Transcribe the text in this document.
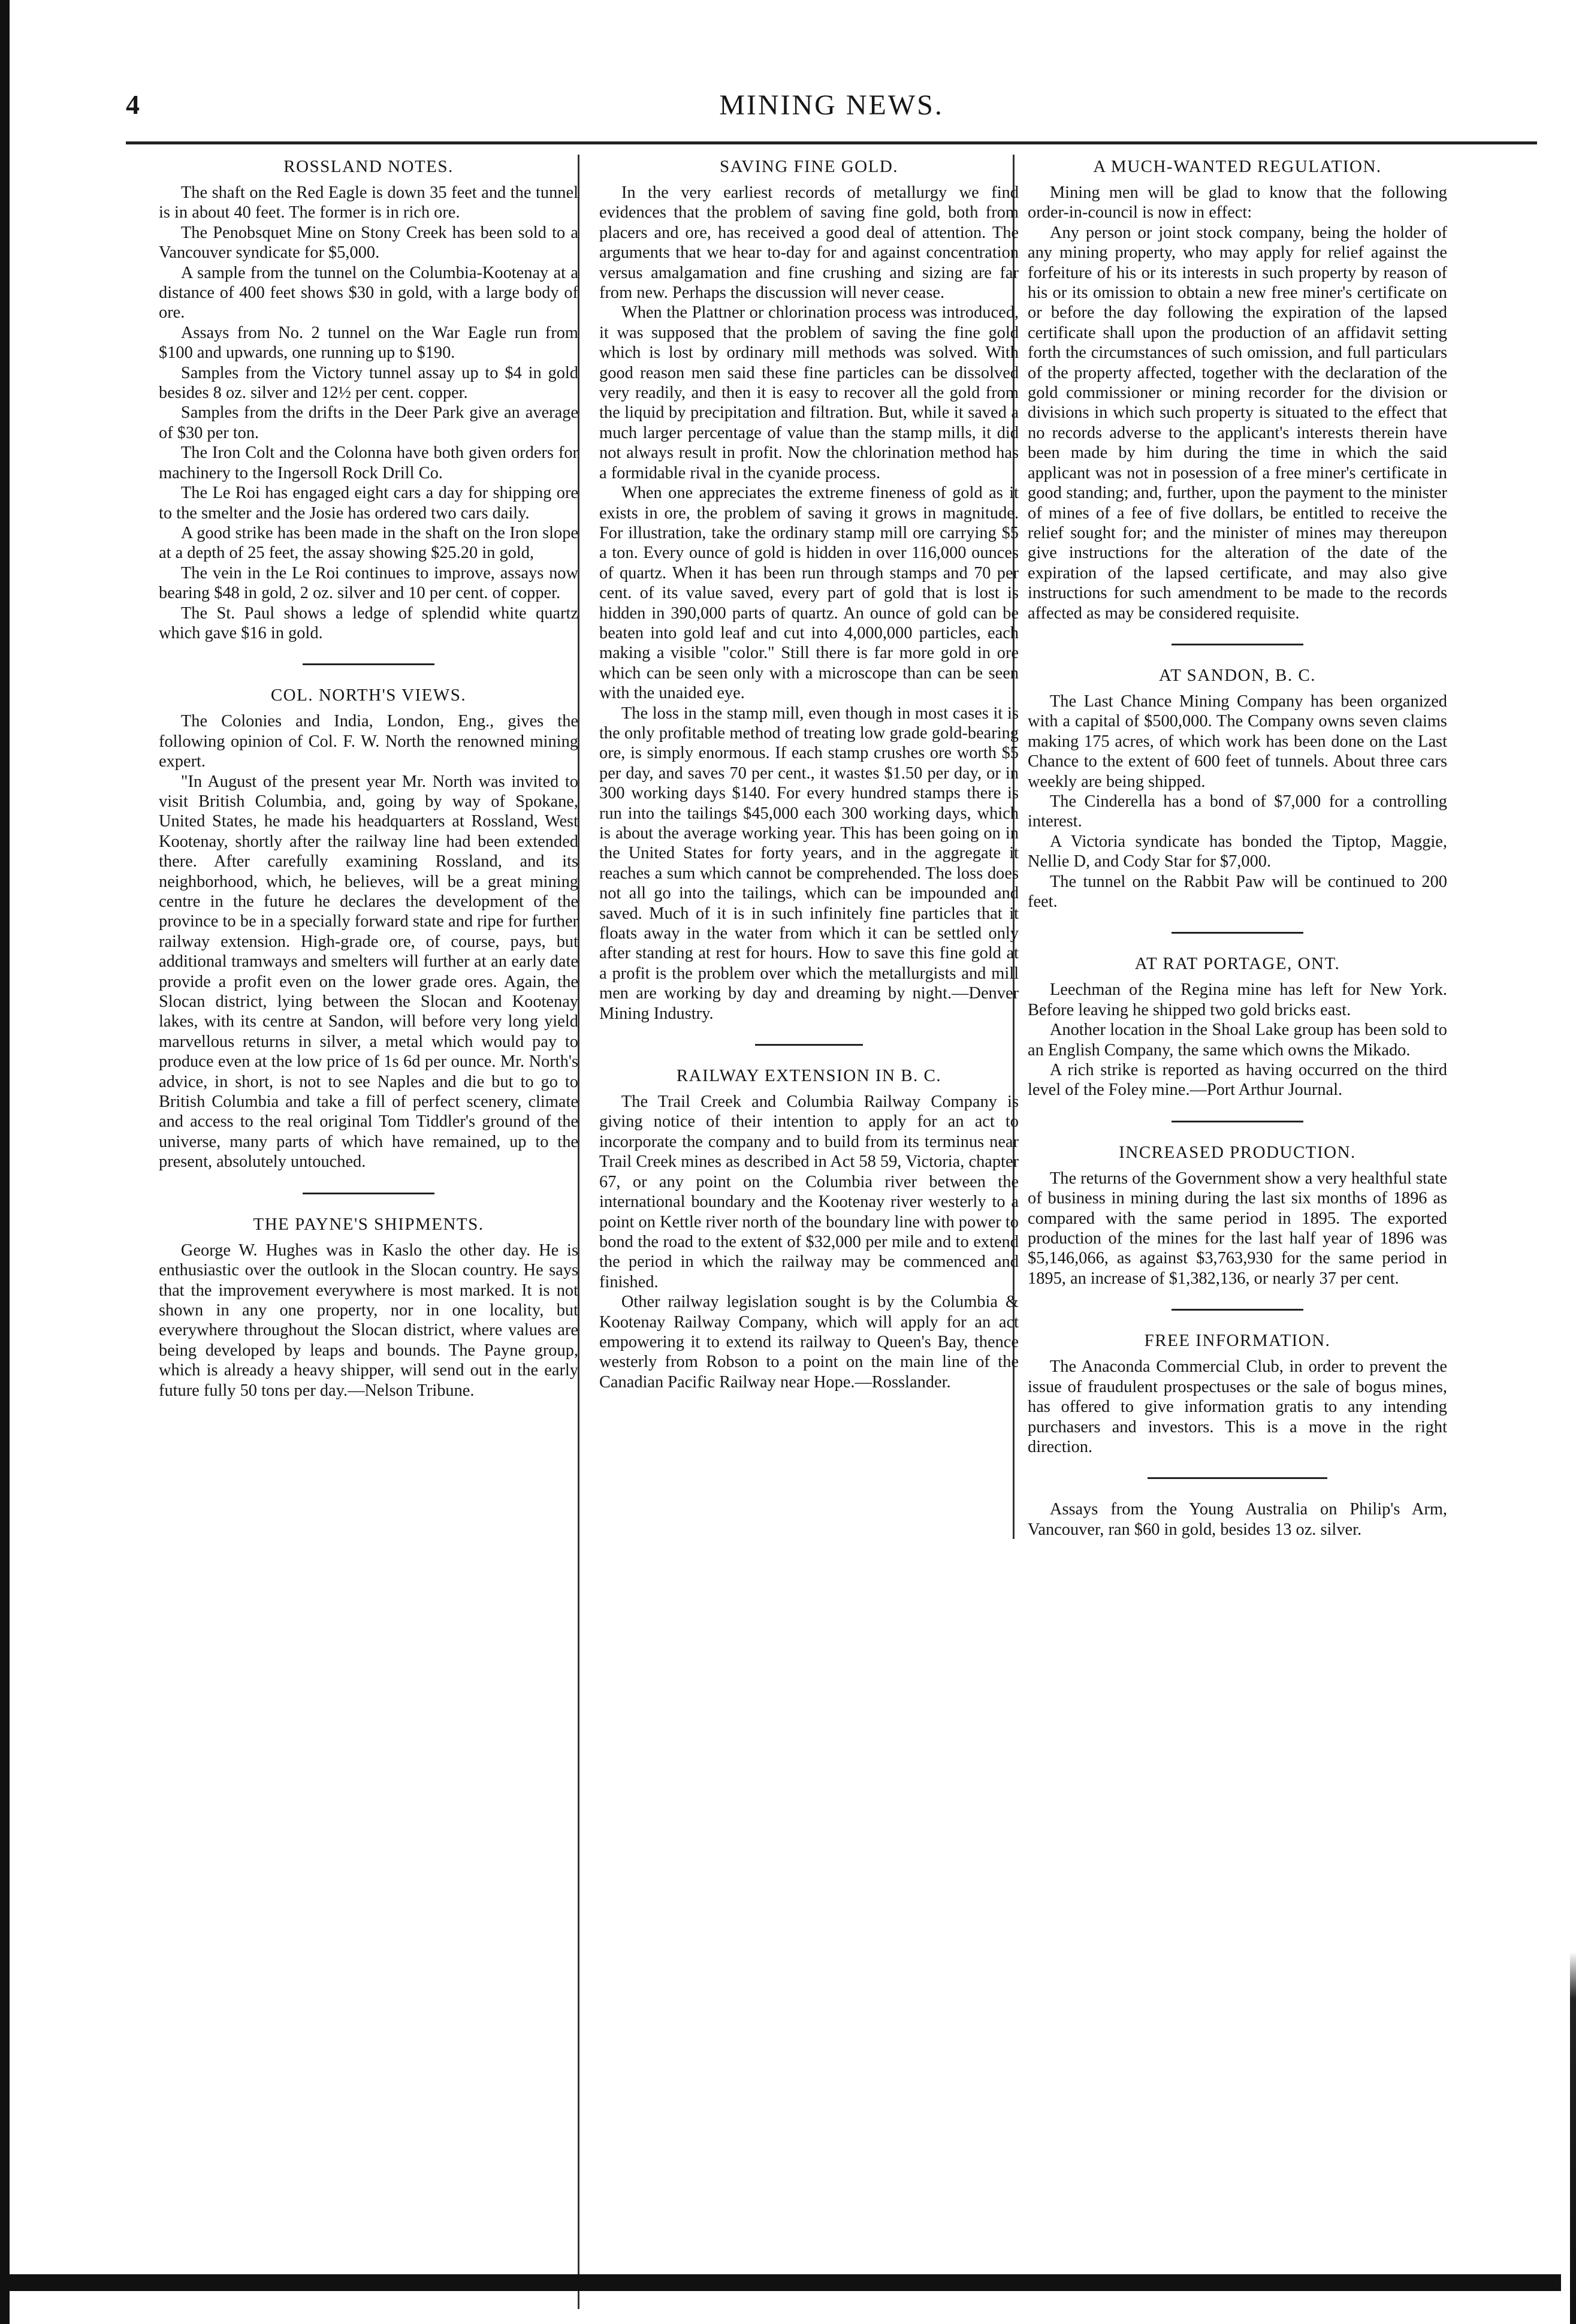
4	MINING NEWS.
ROSSLAND NOTES.

The shaft on the Red Eagle is down 35 feet and the tunnel is in about 40 feet. The former is in rich ore.

The Penobsquet Mine on Stony Creek has been sold to a Vancouver syndicate for $5,000.

A sample from the tunnel on the Columbia-Kootenay at a distance of 400 feet shows $30 in gold, with a large body of ore.

Assays from No. 2 tunnel on the War Eagle run from $100 and upwards, one running up to $190.

Samples from the Victory tunnel assay up to $4 in gold besides 8 oz. silver and 12½ per cent. copper.

Samples from the drifts in the Deer Park give an average of $30 per ton.

The Iron Colt and the Colonna have both given orders for machinery to the Ingersoll Rock Drill Co.

The Le Roi has engaged eight cars a day for shipping ore to the smelter and the Josie has ordered two cars daily.

A good strike has been made in the shaft on the Iron slope at a depth of 25 feet, the assay showing $25.20 in gold,

The vein in the Le Roi continues to improve, assays now bearing $48 in gold, 2 oz. silver and 10 per cent. of copper.

The St. Paul shows a ledge of splendid white quartz which gave $16 in gold.

COL. NORTH'S VIEWS.

The Colonies and India, London, Eng., gives the following opinion of Col. F. W. North the renowned mining expert.

"In August of the present year Mr. North was invited to visit British Columbia, and, going by way of Spokane, United States, he made his headquarters at Rossland, West Kootenay, shortly after the railway line had been extended there. After carefully examining Rossland, and its neighborhood, which, he believes, will be a great mining centre in the future he declares the development of the province to be in a specially forward state and ripe for further railway extension. High-grade ore, of course, pays, but additional tramways and smelters will further at an early date provide a profit even on the lower grade ores. Again, the Slocan district, lying between the Slocan and Kootenay lakes, with its centre at Sandon, will before very long yield marvellous returns in silver, a metal which would pay to produce even at the low price of 1s 6d per ounce. Mr. North's advice, in short, is not to see Naples and die but to go to British Columbia and take a fill of perfect scenery, climate and access to the real original Tom Tiddler's ground of the universe, many parts of which have remained, up to the present, absolutely untouched.

THE PAYNE'S SHIPMENTS.

George W. Hughes was in Kaslo the other day. He is enthusiastic over the outlook in the Slocan country. He says that the improvement everywhere is most marked. It is not shown in any one property, nor in one locality, but everywhere throughout the Slocan district, where values are being developed by leaps and bounds. The Payne group, which is already a heavy shipper, will send out in the early future fully 50 tons per day.—Nelson Tribune.

SAVING FINE GOLD.

In the very earliest records of metallurgy we find evidences that the problem of saving fine gold, both from placers and ore, has received a good deal of attention. The arguments that we hear to-day for and against concentration versus amalgamation and fine crushing and sizing are far from new. Perhaps the discussion will never cease.

When the Plattner or chlorination process was introduced, it was supposed that the problem of saving the fine gold which is lost by ordinary mill methods was solved. With good reason men said these fine particles can be dissolved very readily, and then it is easy to recover all the gold from the liquid by precipitation and filtration. But, while it saved a much larger percentage of value than the stamp mills, it did not always result in profit. Now the chlorination method has a formidable rival in the cyanide process.

When one appreciates the extreme fineness of gold as it exists in ore, the problem of saving it grows in magnitude. For illustration, take the ordinary stamp mill ore carrying $5 a ton. Every ounce of gold is hidden in over 116,000 ounces of quartz. When it has been run through stamps and 70 per cent. of its value saved, every part of gold that is lost is hidden in 390,000 parts of quartz. An ounce of gold can be beaten into gold leaf and cut into 4,000,000 particles, each making a visible "color." Still there is far more gold in ore which can be seen only with a microscope than can be seen with the unaided eye.

The loss in the stamp mill, even though in most cases it is the only profitable method of treating low grade gold-bearing ore, is simply enormous. If each stamp crushes ore worth $5 per day, and saves 70 per cent., it wastes $1.50 per day, or in 300 working days $140. For every hundred stamps there is run into the tailings $45,000 each 300 working days, which is about the average working year. This has been going on in the United States for forty years, and in the aggregate it reaches a sum which cannot be comprehended. The loss does not all go into the tailings, which can be impounded and saved. Much of it is in such infinitely fine particles that it floats away in the water from which it can be settled only after standing at rest for hours. How to save this fine gold at a profit is the problem over which the metallurgists and mill men are working by day and dreaming by night.—Denver Mining Industry.

RAILWAY EXTENSION IN B. C.

The Trail Creek and Columbia Railway Company is giving notice of their intention to apply for an act to incorporate the company and to build from its terminus near Trail Creek mines as described in Act 58 59, Victoria, chapter 67, or any point on the Columbia river between the international boundary and the Kootenay river westerly to a point on Kettle river north of the boundary line with power to bond the road to the extent of $32,000 per mile and to extend the period in which the railway may be commenced and finished.

Other railway legislation sought is by the Columbia & Kootenay Railway Company, which will apply for an act empowering it to extend its railway to Queen's Bay, thence westerly from Robson to a point on the main line of the Canadian Pacific Railway near Hope.—Rosslander.

A MUCH-WANTED REGULATION.

Mining men will be glad to know that the following order-in-council is now in effect:

Any person or joint stock company, being the holder of any mining property, who may apply for relief against the forfeiture of his or its interests in such property by reason of his or its omission to obtain a new free miner's certificate on or before the day following the expiration of the lapsed certificate shall upon the production of an affidavit setting forth the circumstances of such omission, and full particulars of the property affected, together with the declaration of the gold commissioner or mining recorder for the division or divisions in which such property is situated to the effect that no records adverse to the applicant's interests therein have been made by him during the time in which the said applicant was not in posession of a free miner's certificate in good standing; and, further, upon the payment to the minister of mines of a fee of five dollars, be entitled to receive the relief sought for; and the minister of mines may thereupon give instructions for the alteration of the date of the expiration of the lapsed certificate, and may also give instructions for such amendment to be made to the records affected as may be considered requisite.

AT SANDON, B. C.

The Last Chance Mining Company has been organized with a capital of $500,000. The Company owns seven claims making 175 acres, of which work has been done on the Last Chance to the extent of 600 feet of tunnels. About three cars weekly are being shipped.

The Cinderella has a bond of $7,000 for a controlling interest.

A Victoria syndicate has bonded the Tiptop, Maggie, Nellie D, and Cody Star for $7,000.

The tunnel on the Rabbit Paw will be continued to 200 feet.

AT RAT PORTAGE, ONT.

Leechman of the Regina mine has left for New York. Before leaving he shipped two gold bricks east.

Another location in the Shoal Lake group has been sold to an English Company, the same which owns the Mikado.

A rich strike is reported as having occurred on the third level of the Foley mine.—Port Arthur Journal.

INCREASED PRODUCTION.

The returns of the Government show a very healthful state of business in mining during the last six months of 1896 as compared with the same period in 1895. The exported production of the mines for the last half year of 1896 was $5,146,066, as against $3,763,930 for the same period in 1895, an increase of $1,382,136, or nearly 37 per cent.

FREE INFORMATION.

The Anaconda Commercial Club, in order to prevent the issue of fraudulent prospectuses or the sale of bogus mines, has offered to give information gratis to any intending purchasers and investors. This is a move in the right direction.

Assays from the Young Australia on Philip's Arm, Vancouver, ran $60 in gold, besides 13 oz. silver.
